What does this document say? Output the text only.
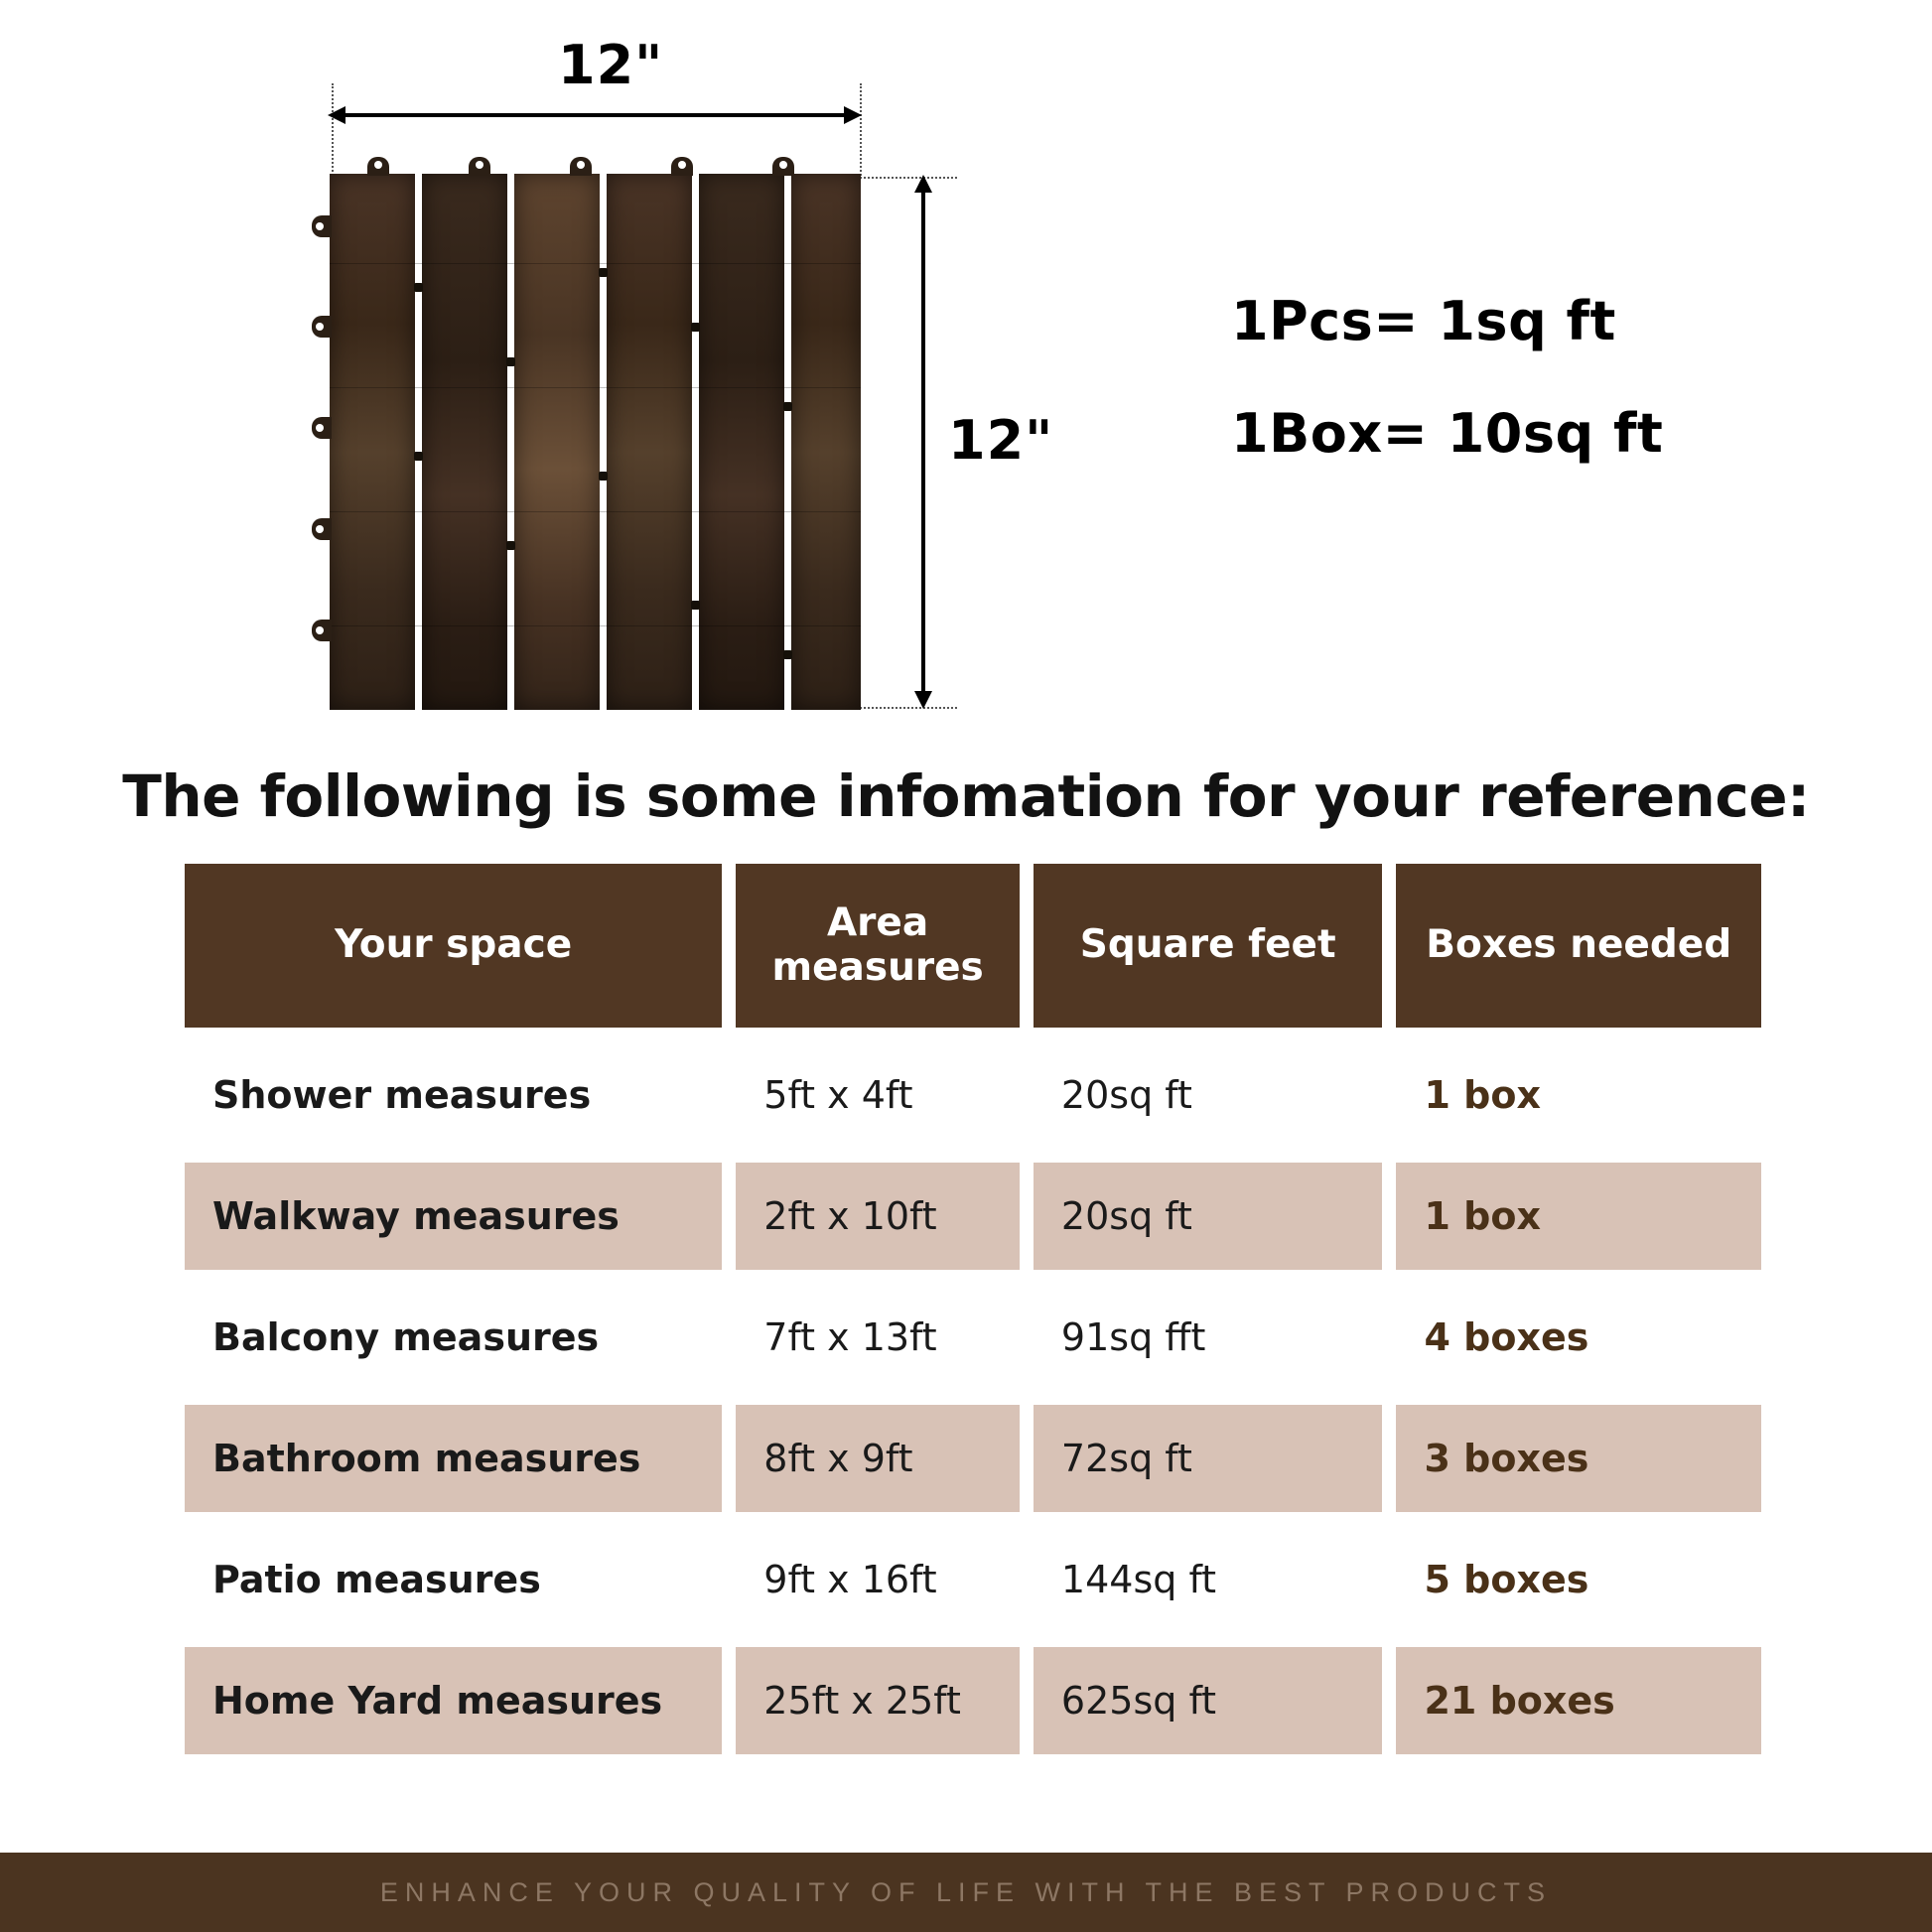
12"
12"
1Pcs= 1sq ft
1Box= 10sq ft
The following is some infomation for your reference:
Your space	Area measures	Square feet	Boxes needed
Shower measures	5ft x 4ft	20sq ft	1 box
Walkway measures	2ft x 10ft	20sq ft	1 box
Balcony measures	7ft x 13ft	91sq fft	4 boxes
Bathroom measures	8ft x 9ft	72sq ft	3 boxes
Patio measures	9ft x 16ft	144sq ft	5 boxes
Home Yard measures	25ft x 25ft	625sq ft	21 boxes
ENHANCE YOUR QUALITY OF LIFE WITH THE BEST PRODUCTS
